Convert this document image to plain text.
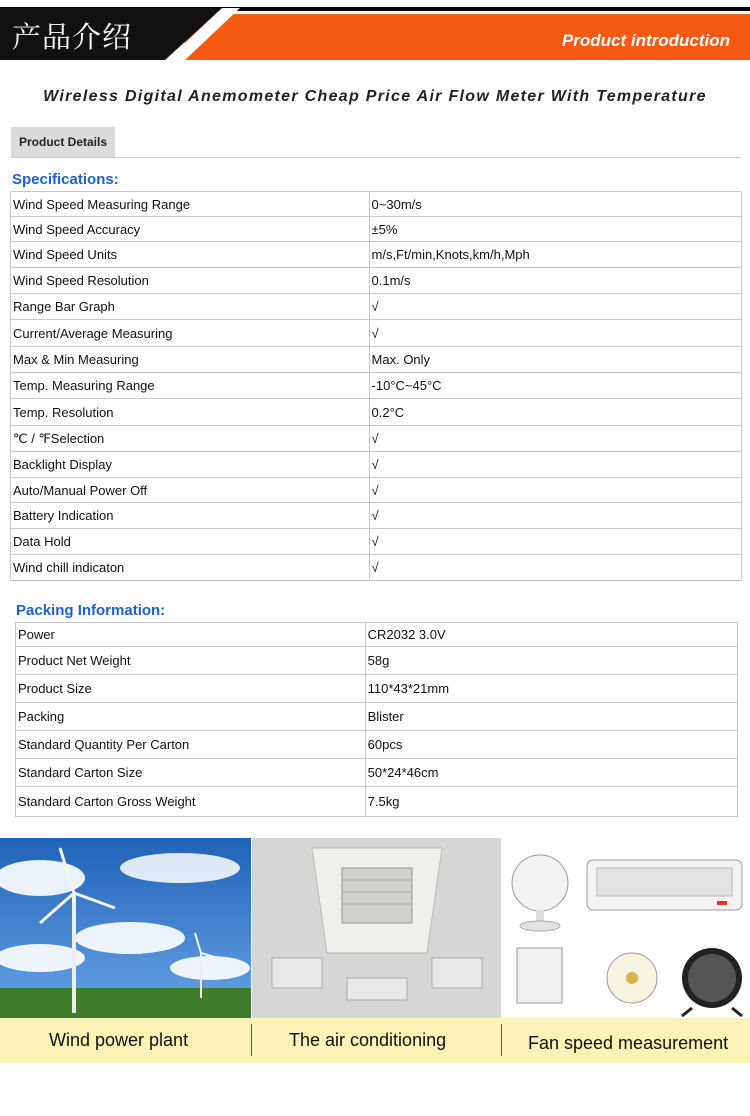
产品介绍	Product introduction
Wireless Digital Anemometer Cheap Price Air Flow Meter With Temperature
Product Details
Specifications:
Wind Speed Measuring Range	0~30m/s
Wind Speed Accuracy	±5%
Wind Speed Units	m/s,Ft/min,Knots,km/h,Mph
Wind Speed Resolution	0.1m/s
Range Bar Graph	√
Current/Average Measuring	√
Max & Min Measuring	Max. Only
Temp. Measuring Range	-10°C~45°C
Temp. Resolution	0.2°C
℃ / ℉Selection	√
Backlight Display	√
Auto/Manual Power Off	√
Battery Indication	√
Data Hold	√
Wind chill indicaton	√
Packing Information:
Power	CR2032 3.0V
Product Net Weight	58g
Product Size	110*43*21mm
Packing	Blister
Standard Quantity Per Carton	60pcs
Standard Carton Size	50*24*46cm
Standard Carton Gross Weight	7.5kg
Wind power plant	The air conditioning	Fan speed measurement
